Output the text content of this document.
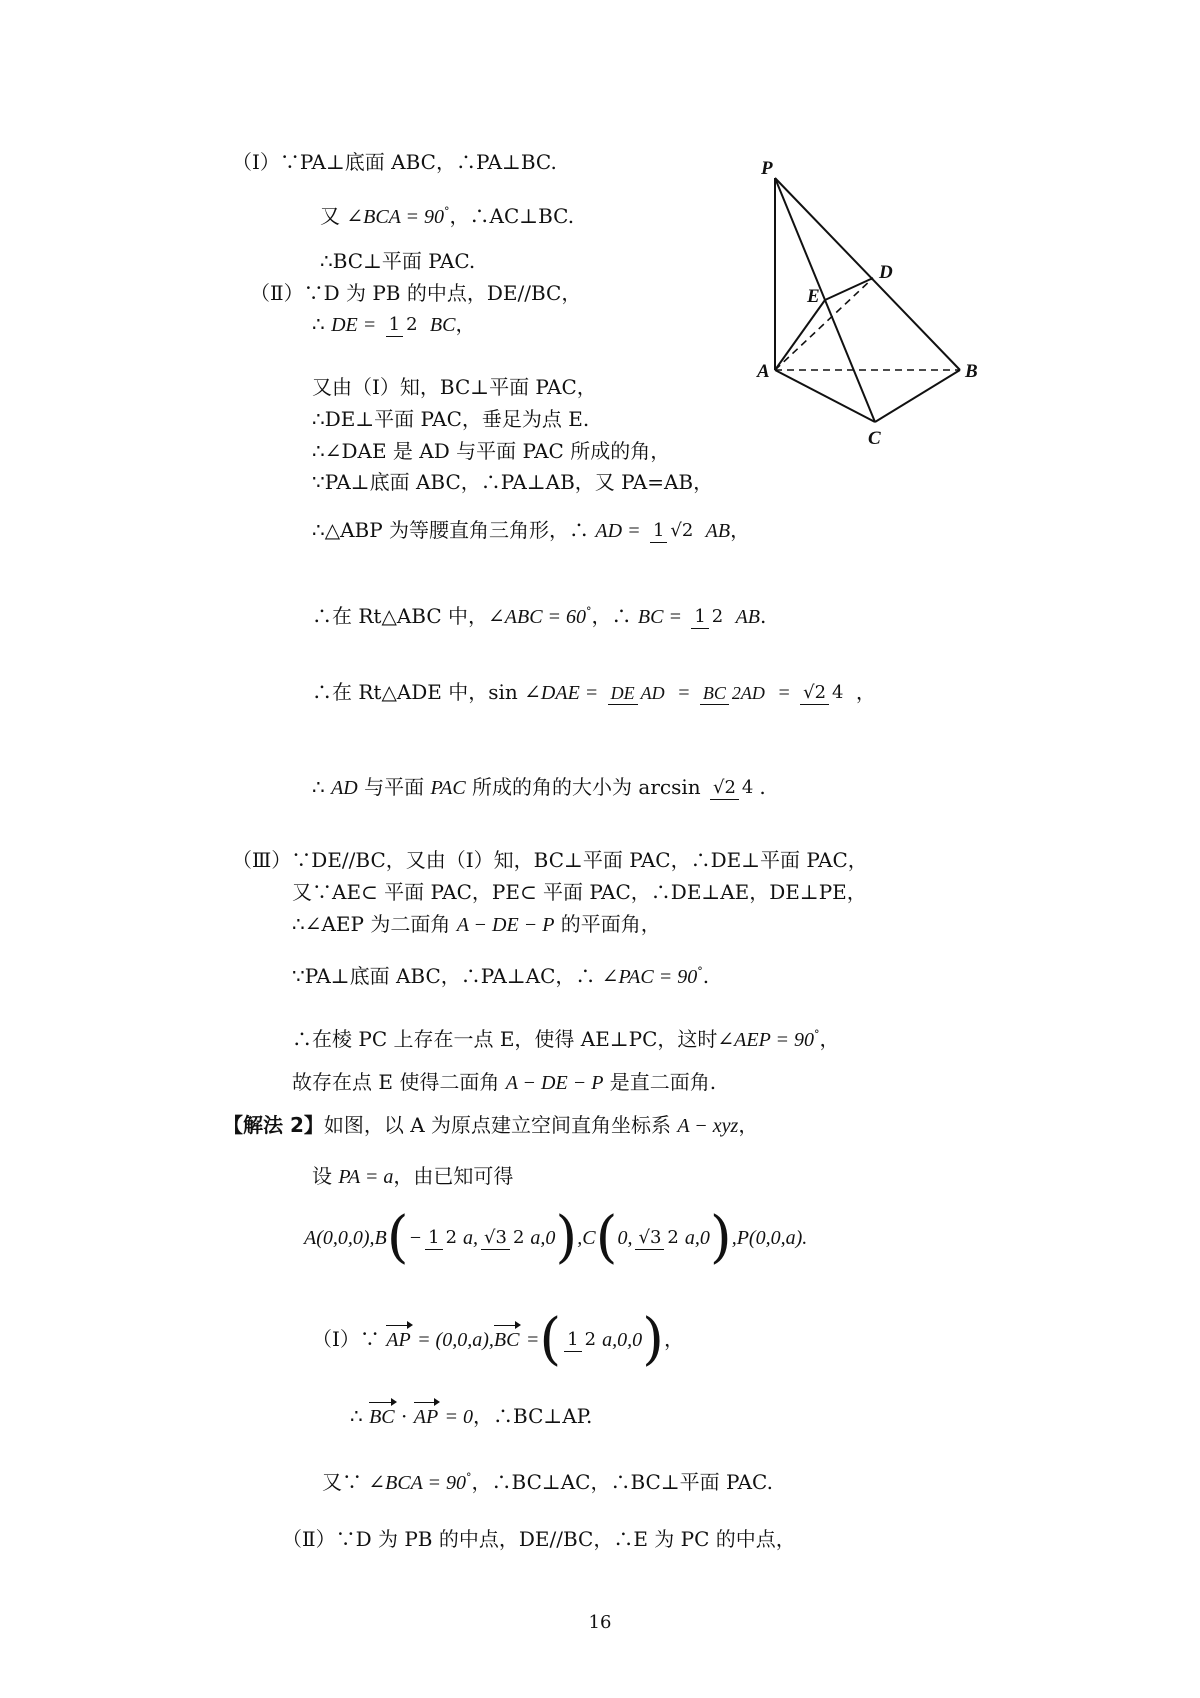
P
D
E
A	B
C
（Ⅰ）∵PA⊥底面 ABC，∴PA⊥BC.
又 ∠BCA = 90°，∴AC⊥BC.
∴BC⊥平面 PAC.
（Ⅱ）∵D 为 PB 的中点，DE//BC，
∴ DE = 1 2 BC，
又由（Ⅰ）知，BC⊥平面 PAC，
∴DE⊥平面 PAC，垂足为点 E.
∴∠DAE 是 AD 与平面 PAC 所成的角，
∵PA⊥底面 ABC，∴PA⊥AB，又 PA=AB，
∴△ABP 为等腰直角三角形，∴ AD = 1 √2 AB，
∴在 Rt△ABC 中，∠ABC = 60°，∴ BC = 1 2 AB.
∴在 Rt△ADE 中，sin ∠DAE = DE AD = BC 2AD = √2 4 ，
∴ AD 与平面 PAC 所成的角的大小为 arcsin √2 4 .
（Ⅲ）∵DE//BC，又由（Ⅰ）知，BC⊥平面 PAC，∴DE⊥平面 PAC，
又∵AE⊂ 平面 PAC，PE⊂ 平面 PAC，∴DE⊥AE，DE⊥PE，
∴∠AEP 为二面角 A − DE − P 的平面角，
∵PA⊥底面 ABC，∴PA⊥AC，∴ ∠PAC = 90°.
∴在棱 PC 上存在一点 E，使得 AE⊥PC，这时∠AEP = 90°，
故存在点 E 使得二面角 A − DE − P 是直二面角.
【解法 2】如图，以 A 为原点建立空间直角坐标系 A − xyz，
设 PA = a，由已知可得
A(0,0,0),B(− 1 2 a, √3 2 a,0),C(0, √3 2 a,0),P(0,0,a).
（Ⅰ）∵ AP = (0,0,a),BC =( 1 2 a,0,0)，
∴ BC · AP = 0，∴BC⊥AP.
又∵ ∠BCA = 90°，∴BC⊥AC，∴BC⊥平面 PAC.
（Ⅱ）∵D 为 PB 的中点，DE//BC，∴E 为 PC 的中点，
16
